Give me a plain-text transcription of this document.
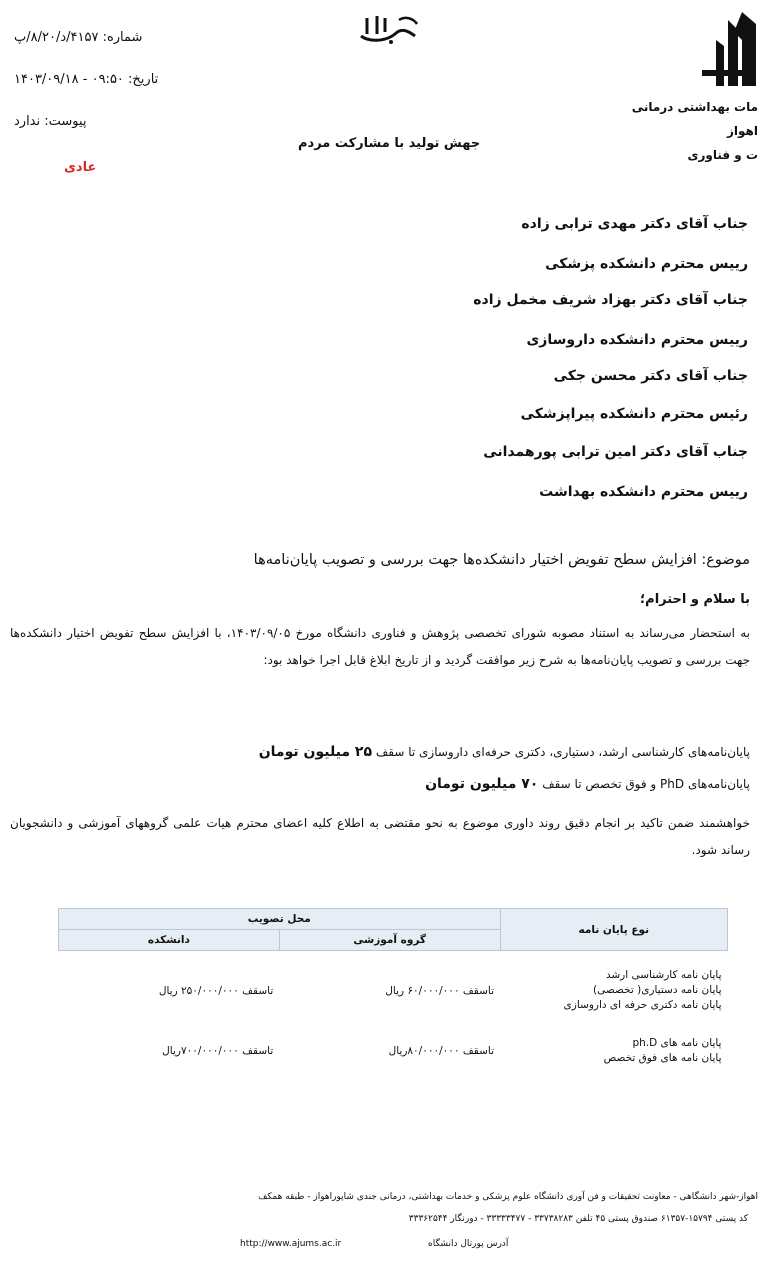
مات بهداشتی درمانی
اهواز
ت و فناوری
شماره: ۴۱۵۷/د/۸/۲۰/پ
تاریخ: ۰۹:۵۰ - ۱۴۰۳/۰۹/۱۸
پیوست: ندارد
جهش تولید با مشارکت مردم
عادی
جناب آقای دکتر مهدی ترابی زاده
رییس محترم دانشکده پزشکی
جناب آقای دکتر بهزاد شریف مخمل زاده
رییس محترم دانشکده داروسازی
جناب آقای دکتر محسن جکی
رئیس محترم دانشکده پیراپزشکی
جناب آقای دکتر امین ترابی پورهمدانی
رییس محترم دانشکده بهداشت
موضوع: افزایش سطح تفویض اختیار دانشکده‌ها جهت بررسی و تصویب پایان‌نامه‌ها
با سلام و احترام؛
به استحضار می‌رساند به استناد مصوبه شورای تخصصی پژوهش و فناوری دانشگاه مورخ ۱۴۰۳/۰۹/۰۵، با افزایش سطح تفویض اختیار دانشکده‌ها جهت بررسی و تصویب پایان‌نامه‌ها به شرح زیر موافقت گردید و از تاریخ ابلاغ قابل اجرا خواهد بود:
پایان‌نامه‌های کارشناسی ارشد، دستیاری، دکتری حرفه‌ای داروسازی تا سقف ۲۵ میلیون تومان
پایان‌نامه‌های PhD و فوق تخصص تا سقف ۷۰ میلیون تومان
خواهشمند ضمن تاکید بر انجام دقیق روند داوری موضوع به نحو مقتضی به اطلاع کلیه اعضای محترم هیات علمی گروههای آموزشی و دانشجویان رساند شود.
نوع پایان نامه	محل تصویب	
	گروه آموزشی	دانشکده

پایان نامه کارشناسی ارشد
پایان نامه دستیاری( تخصصی)
پایان نامه دکتری حرفه ای داروسازی	تاسقف ۶۰/۰۰۰/۰۰۰ ریال	تاسقف ۲۵۰/۰۰۰/۰۰۰ ریال

پایان نامه های ph.D
پایان نامه های فوق تخصص	تاسقف ۸۰/۰۰۰/۰۰۰ریال	تاسقف ۷۰۰/۰۰۰/۰۰۰ریال
اهواز-شهر دانشگاهی - معاونت تحقیقات و فن آوری دانشگاه علوم پزشکی و خدمات بهداشتی، درمانی جندی شاپوراهواز - طبقه همکف
کد پستی ۱۵۷۹۴-۶۱۳۵۷ صندوق پستی ۴۵ تلفن ۳۳۷۳۸۲۸۳ - ۳۳۳۳۳۴۷۷ - دورنگار ۳۳۳۶۲۵۴۴
http://www.ajums.ac.ir	آدرس پورتال دانشگاه
